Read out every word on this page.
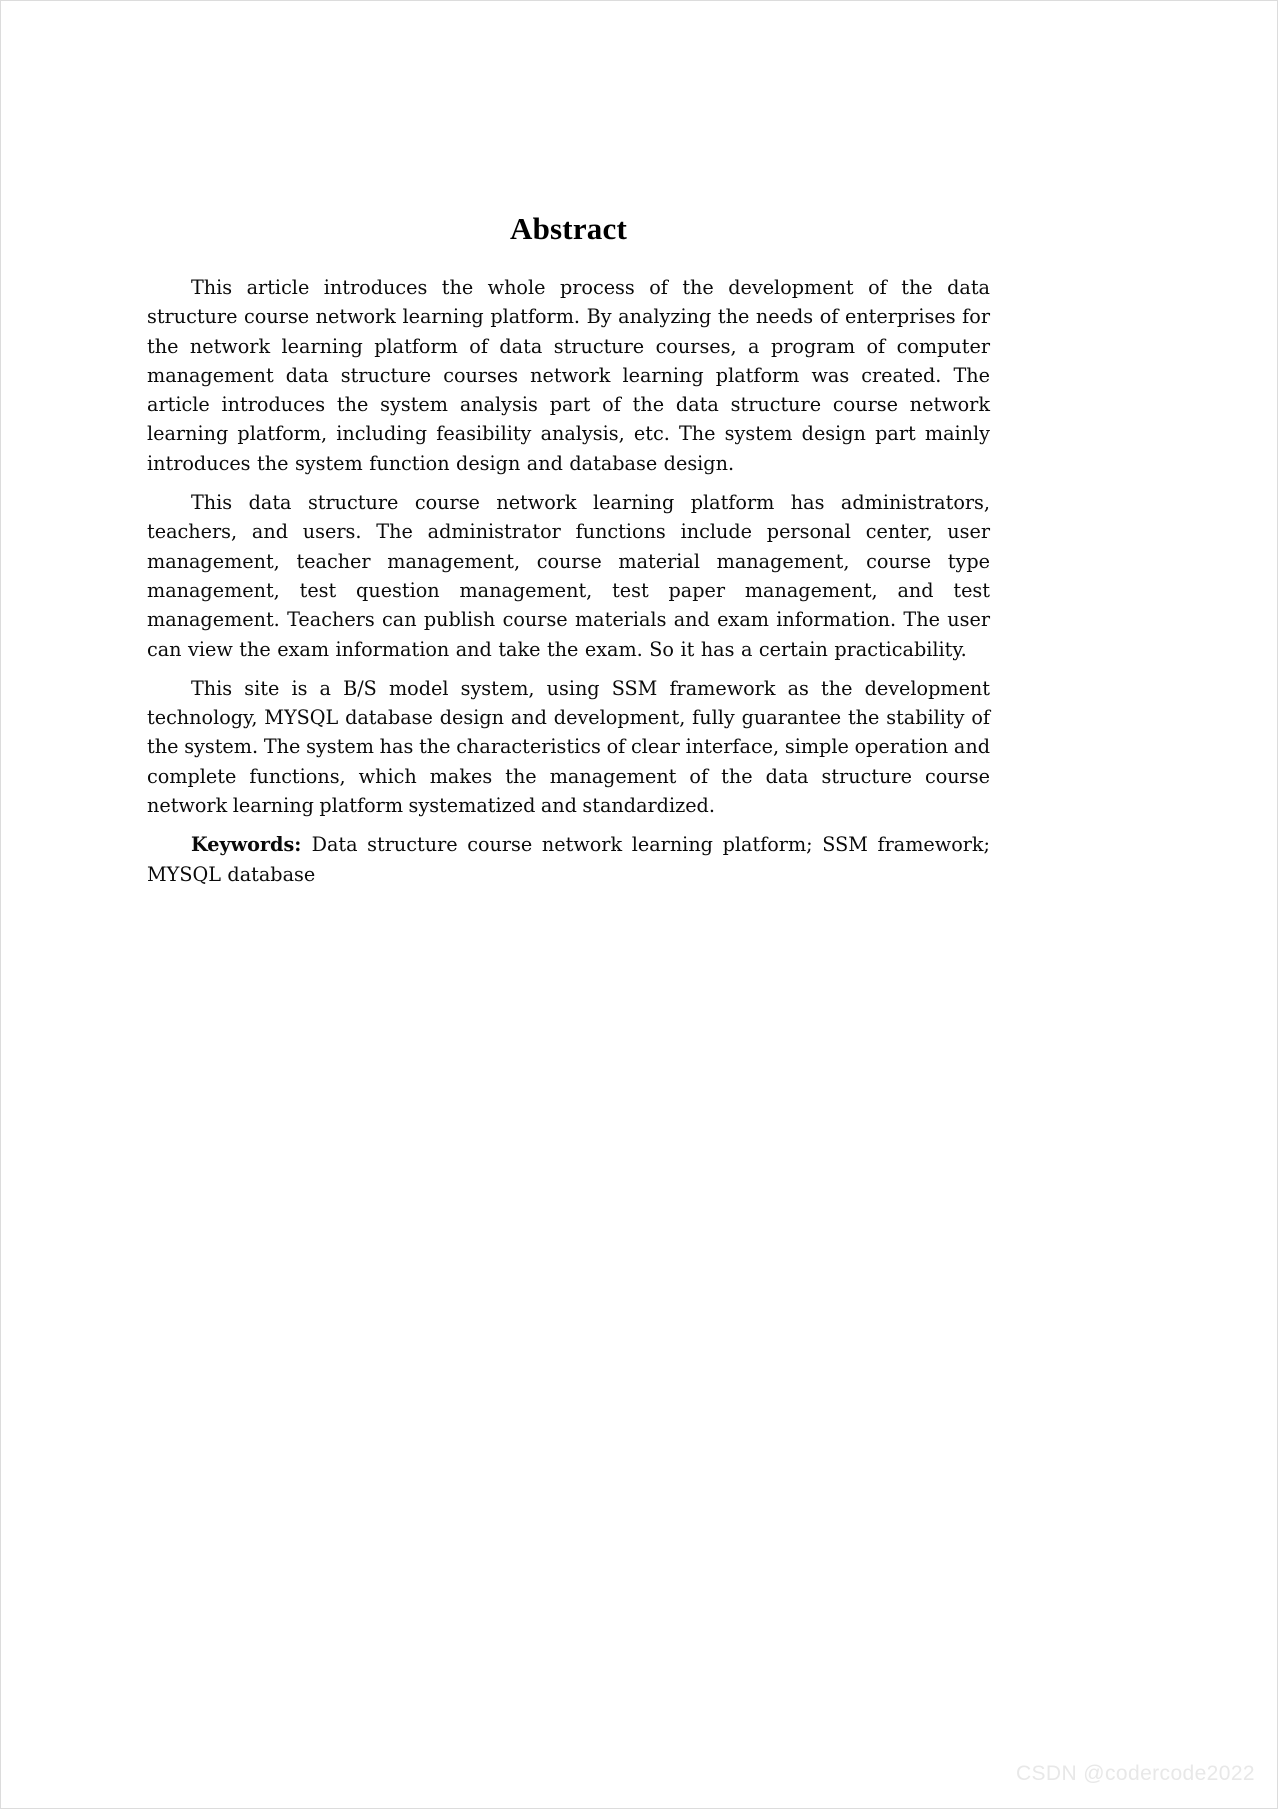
Abstract

This article introduces the whole process of the development of the data structure course network learning platform. By analyzing the needs of enterprises for the network learning platform of data structure courses, a program of computer management data structure courses network learning platform was created. The article introduces the system analysis part of the data structure course network learning platform, including feasibility analysis, etc. The system design part mainly introduces the system function design and database design.

This data structure course network learning platform has administrators, teachers, and users. The administrator functions include personal center, user management, teacher management, course material management, course type management, test question management, test paper management, and test management. Teachers can publish course materials and exam information. The user can view the exam information and take the exam. So it has a certain practicability.

This site is a B/S model system, using SSM framework as the development technology, MYSQL database design and development, fully guarantee the stability of the system. The system has the characteristics of clear interface, simple operation and complete functions, which makes the management of the data structure course network learning platform systematized and standardized.

Keywords: Data structure course network learning platform; SSM framework; MYSQL database

CSDN @codercode2022
